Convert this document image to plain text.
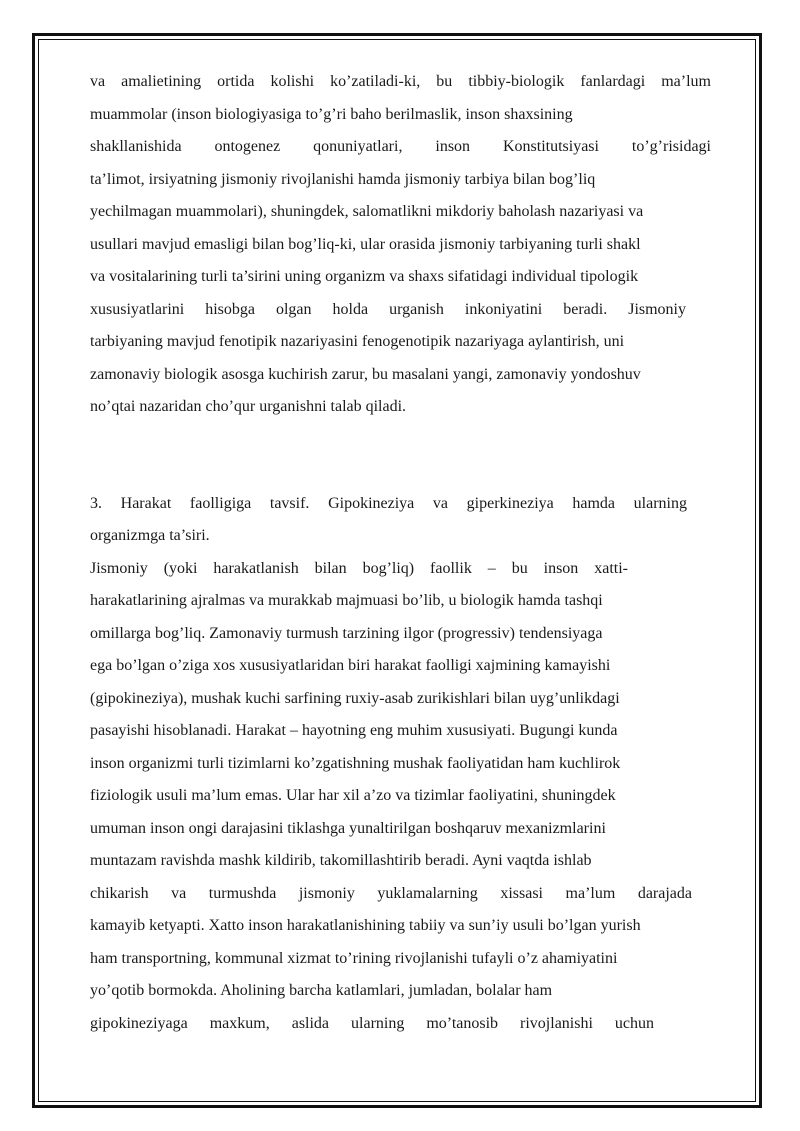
va amalietining ortida kolishi ko’zatiladi-ki, bu tibbiy-biologik fanlardagi ma’lum
muammolar (inson biologiyasiga to’g’ri baho berilmaslik, inson shaxsining
shakllanishida ontogenez qonuniyatlari, inson Konstitutsiyasi to’g’risidagi
ta’limot, irsiyatning jismoniy rivojlanishi hamda jismoniy tarbiya bilan bog’liq
yechilmagan muammolari), shuningdek, salomatlikni mikdoriy baholash nazariyasi va
usullari mavjud emasligi bilan bog’liq-ki, ular orasida jismoniy tarbiyaning turli shakl
va vositalarining turli ta’sirini uning organizm va shaxs sifatidagi individual tipologik
xususiyatlarini hisobga olgan holda urganish inkoniyatini beradi. Jismoniy
tarbiyaning mavjud fenotipik nazariyasini fenogenotipik nazariyaga aylantirish, uni
zamonaviy biologik asosga kuchirish zarur, bu masalani yangi, zamonaviy yondoshuv
no’qtai nazaridan cho’qur urganishni talab qiladi.
3. Harakat faolligiga tavsif. Gipokineziya va giperkineziya hamda ularning
organizmga ta’siri.
Jismoniy (yoki harakatlanish bilan bog’liq) faollik – bu inson xatti-
harakatlarining ajralmas va murakkab majmuasi bo’lib, u biologik hamda tashqi
omillarga bog’liq. Zamonaviy turmush tarzining ilgor (progressiv) tendensiyaga
ega bo’lgan o’ziga xos xususiyatlaridan biri harakat faolligi xajmining kamayishi
(gipokineziya), mushak kuchi sarfining ruxiy-asab zurikishlari bilan uyg’unlikdagi
pasayishi hisoblanadi. Harakat – hayotning eng muhim xususiyati. Bugungi kunda
inson organizmi turli tizimlarni ko’zgatishning mushak faoliyatidan ham kuchlirok
fiziologik usuli ma’lum emas. Ular har xil a’zo va tizimlar faoliyatini, shuningdek
umuman inson ongi darajasini tiklashga yunaltirilgan boshqaruv mexanizmlarini
muntazam ravishda mashk kildirib, takomillashtirib beradi. Ayni vaqtda ishlab
chikarish va turmushda jismoniy yuklamalarning xissasi ma’lum darajada
kamayib ketyapti. Xatto inson harakatlanishining tabiiy va sun’iy usuli bo’lgan yurish
ham transportning, kommunal xizmat to’rining rivojlanishi tufayli o’z ahamiyatini
yo’qotib bormokda. Aholining barcha katlamlari, jumladan, bolalar ham
gipokineziyaga maxkum, aslida ularning mo’tanosib rivojlanishi uchun
